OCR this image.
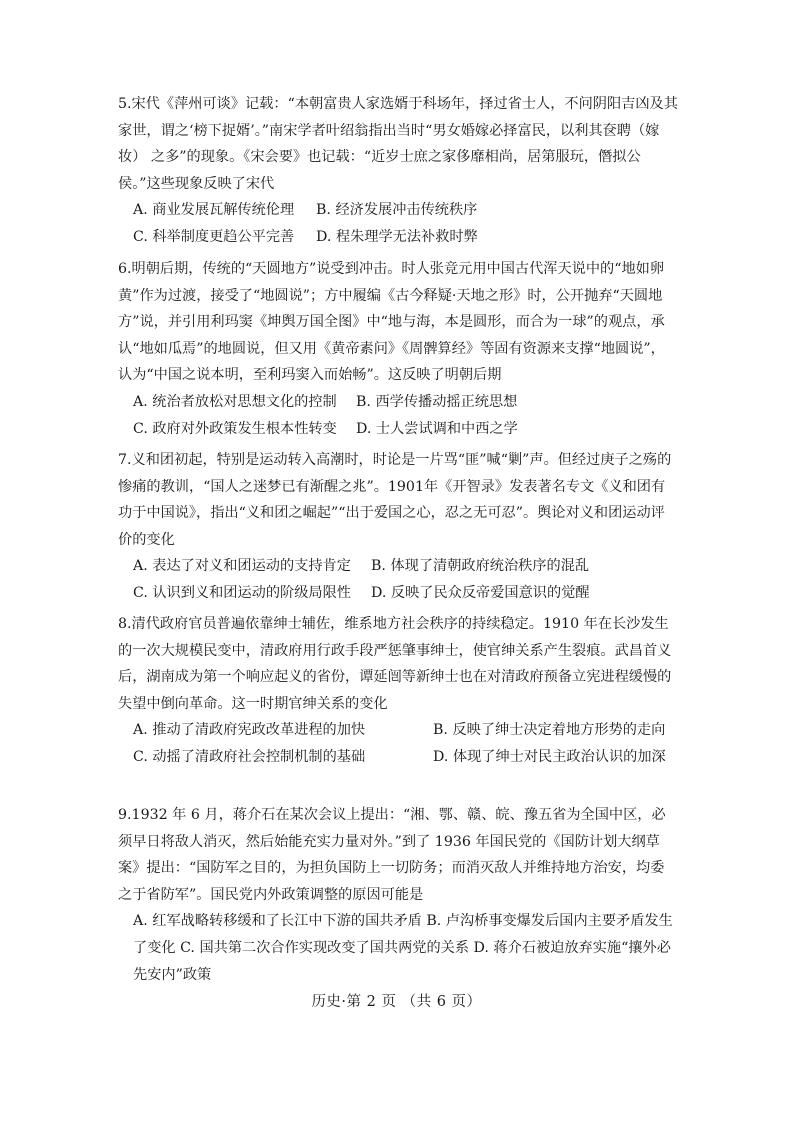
5.宋代《萍州可谈》记载：“本朝富贵人家选婿于科场年，择过省士人，不问阴阳吉凶及其家世，谓之‘榜下捉婿’。”南宋学者叶绍翁指出当时“男女婚嫁必择富民，以利其奁聘（嫁妆） 之多”的现象。《宋会要》也记载：“近岁士庶之家侈靡相尚，居第服玩，僭拟公侯。”这些现象反映了宋代
A. 商业发展瓦解传统伦理	B. 经济发展冲击传统秩序
C. 科举制度更趋公平完善	D. 程朱理学无法补救时弊
6.明朝后期，传统的“天圆地方”说受到冲击。时人张竞元用中国古代浑天说中的“地如卵黄”作为过渡，接受了“地圆说”；方中履编《古今释疑·天地之形》时，公开抛弃“天圆地方”说，并引用利玛窦《坤舆万国全图》中“地与海，本是圆形，而合为一球”的观点，承认“地如瓜焉”的地圆说，但又用《黄帝素问》《周髀算经》等固有资源来支撑“地圆说”，认为“中国之说本明，至利玛窦入而始畅”。这反映了明朝后期
A. 统治者放松对思想文化的控制	B. 西学传播动摇正统思想
C. 政府对外政策发生根本性转变	D. 士人尝试调和中西之学
7.义和团初起，特别是运动转入高潮时，时论是一片骂“匪”喊“剿”声。但经过庚子之殇的惨痛的教训，“国人之迷梦已有渐醒之兆”。1901年《开智录》发表著名专文《义和团有功于中国说》，指出“义和团之崛起”“出于爱国之心，忍之无可忍”。舆论对义和团运动评价的变化
A. 表达了对义和团运动的支持肯定	B. 体现了清朝政府统治秩序的混乱
C. 认识到义和团运动的阶级局限性	D. 反映了民众反帝爱国意识的觉醒
8.清代政府官员普遍依靠绅士辅佐，维系地方社会秩序的持续稳定。1910 年在长沙发生的一次大规模民变中，清政府用行政手段严惩肇事绅士，使官绅关系产生裂痕。武昌首义后，湖南成为第一个响应起义的省份，谭延闿等新绅士也在对清政府预备立宪进程缓慢的失望中倒向革命。这一时期官绅关系的变化
A. 推动了清政府宪政改革进程的加快	B. 反映了绅士决定着地方形势的走向
C. 动摇了清政府社会控制机制的基础	D. 体现了绅士对民主政治认识的加深
9.1932 年 6 月，蒋介石在某次会议上提出：“湘、鄂、赣、皖、豫五省为全国中区，必须早日将敌人消灭，然后始能充实力量对外。”到了 1936 年国民党的《国防计划大纲草案》提出：“国防军之目的，为担负国防上一切防务；而消灭敌人并维持地方治安，均委之于省防军”。国民党内外政策调整的原因可能是
A. 红军战略转移缓和了长江中下游的国共矛盾 B. 卢沟桥事变爆发后国内主要矛盾发生了变化 C. 国共第二次合作实现改变了国共两党的关系 D. 蒋介石被迫放弃实施“攘外必先安内”政策
历史·第 2 页 （共 6 页）
